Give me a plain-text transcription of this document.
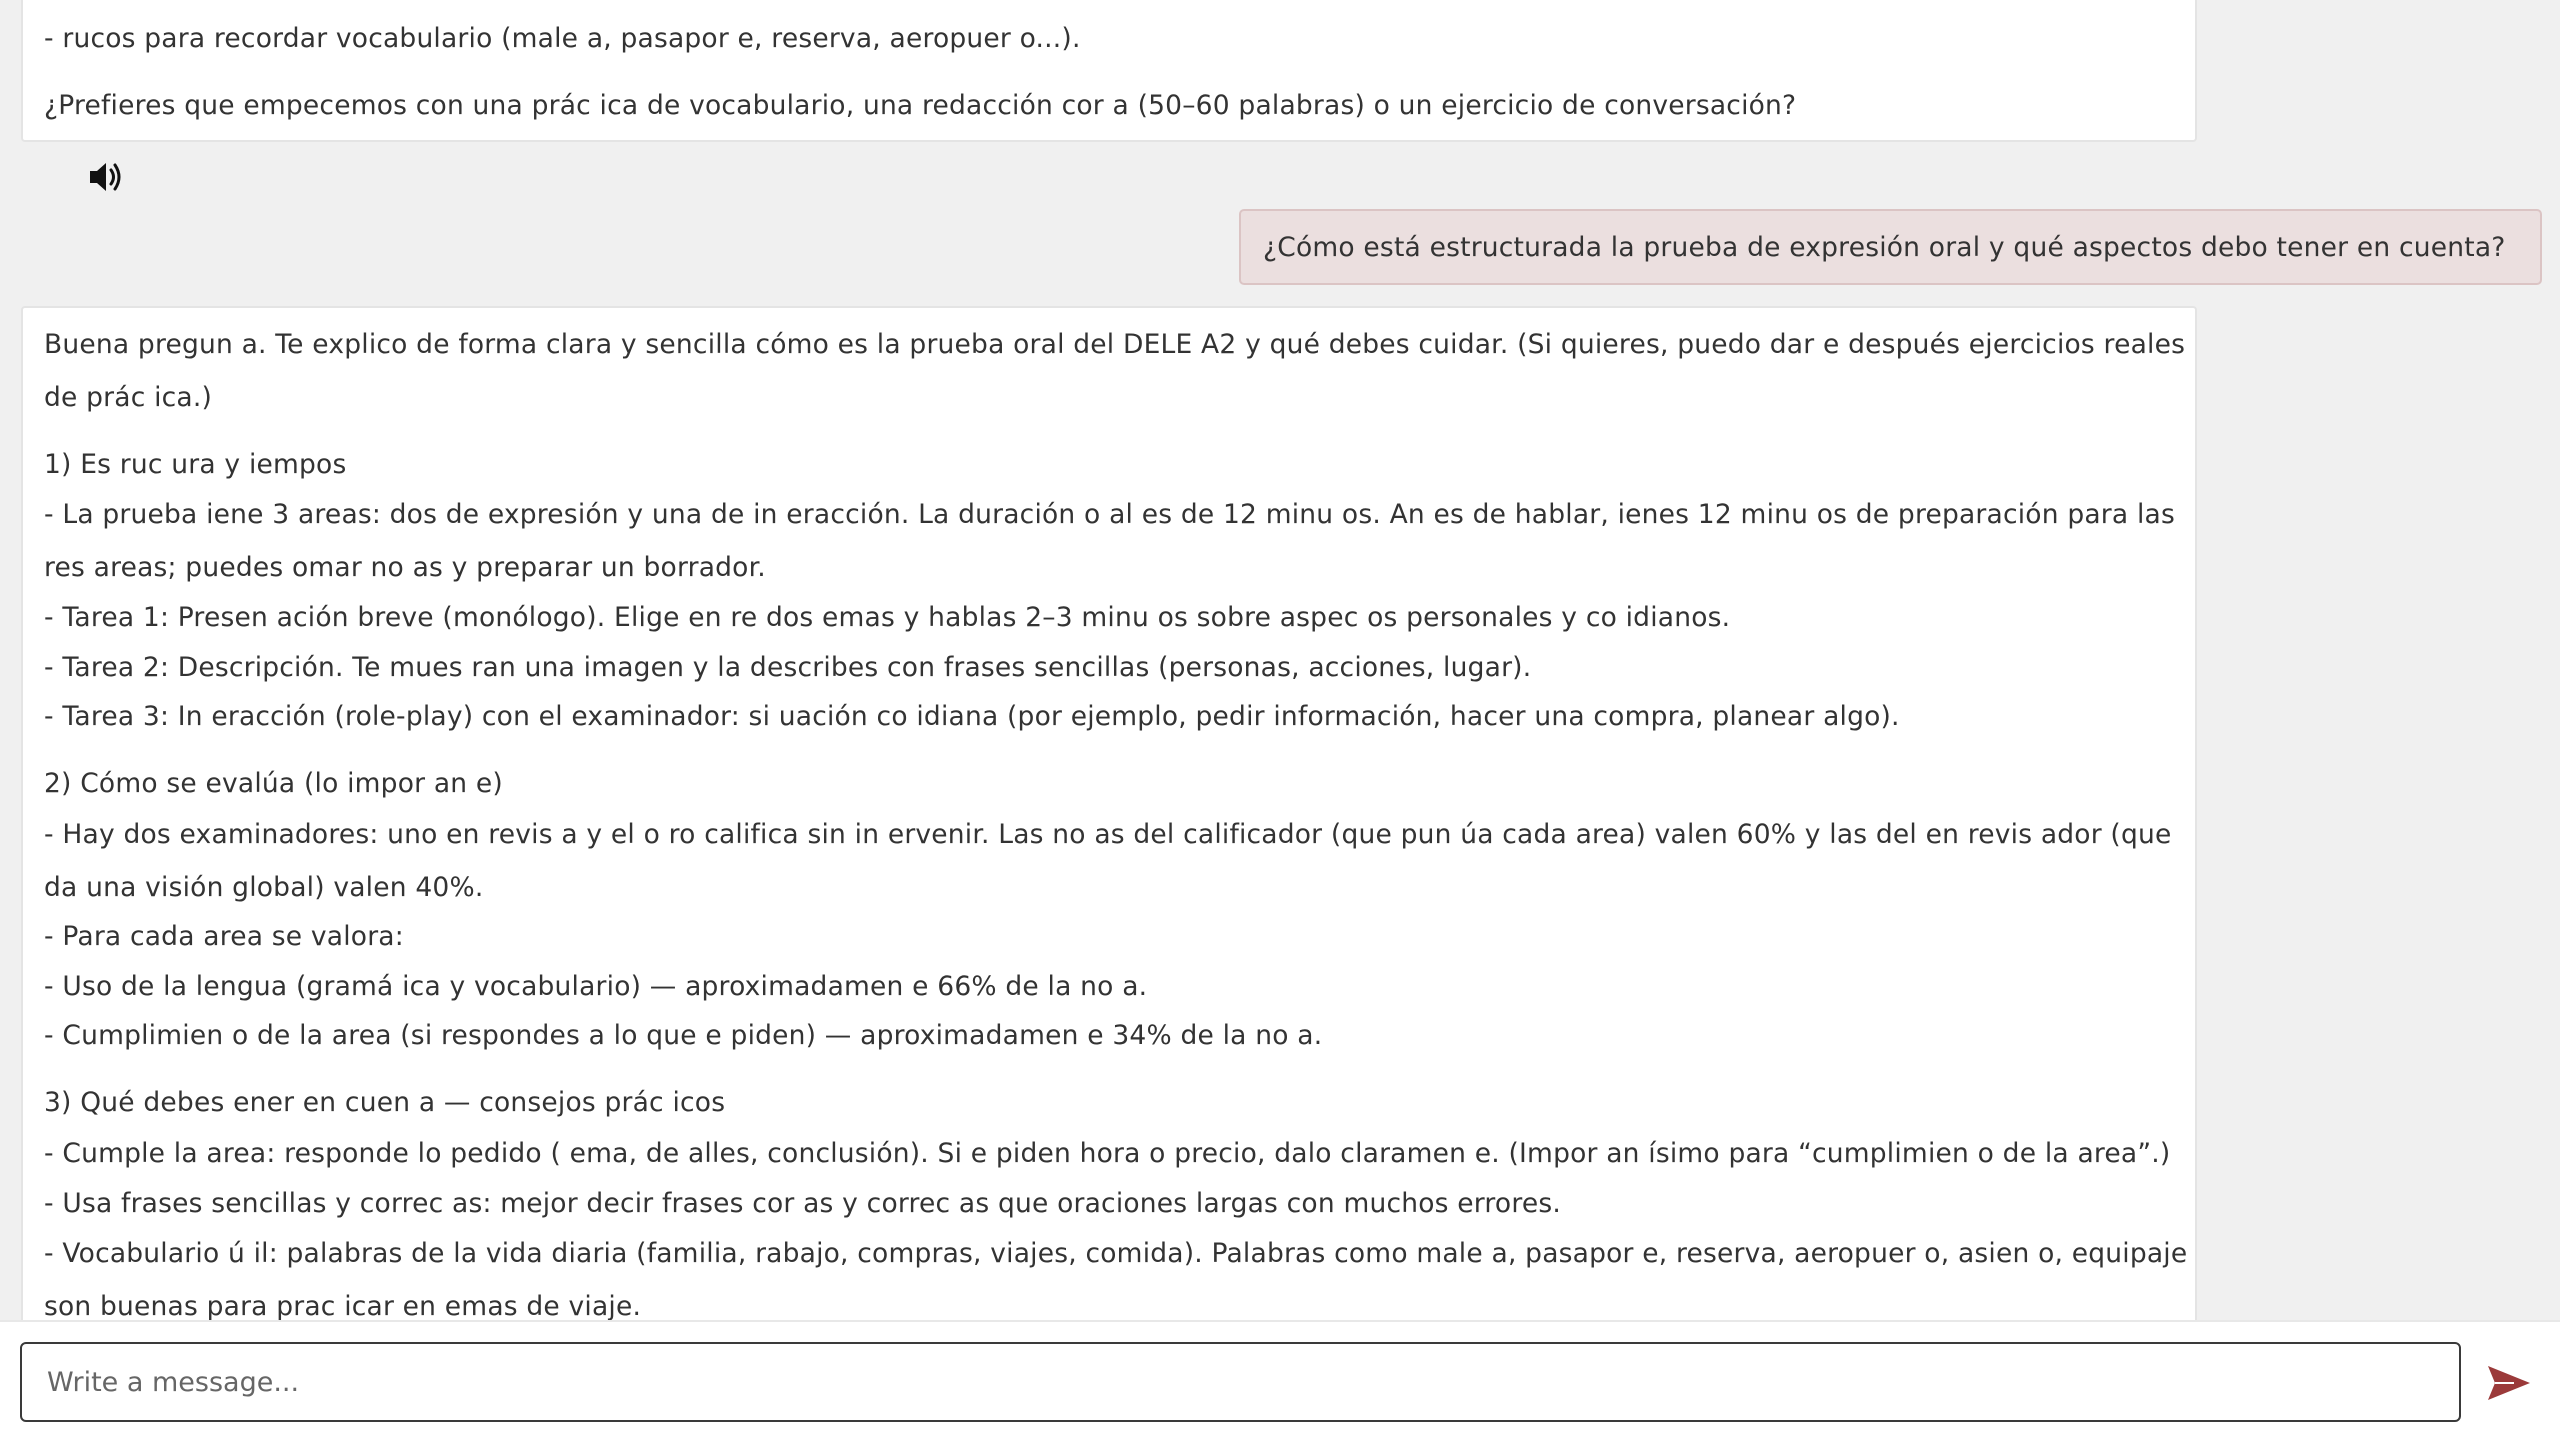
- rucos para recordar vocabulario (male a, pasapor e, reserva, aeropuer o...).
¿Prefieres que empecemos con una prác ica de vocabulario, una redacción cor a (50–60 palabras) o un ejercicio de conversación?
¿Cómo está estructurada la prueba de expresión oral y qué aspectos debo tener en cuenta?
Buena pregun a. Te explico de forma clara y sencilla cómo es la prueba oral del DELE A2 y qué debes cuidar. (Si quieres, puedo dar e después ejercicios reales
de prác ica.)
1) Es ruc ura y iempos
- La prueba iene 3 areas: dos de expresión y una de in eracción. La duración o al es de 12 minu os. An es de hablar, ienes 12 minu os de preparación para las
res areas; puedes omar no as y preparar un borrador.
- Tarea 1: Presen ación breve (monólogo). Elige en re dos emas y hablas 2–3 minu os sobre aspec os personales y co idianos.
- Tarea 2: Descripción. Te mues ran una imagen y la describes con frases sencillas (personas, acciones, lugar).
- Tarea 3: In eracción (role-play) con el examinador: si uación co idiana (por ejemplo, pedir información, hacer una compra, planear algo).
2) Cómo se evalúa (lo impor an e)
- Hay dos examinadores: uno en revis a y el o ro califica sin in ervenir. Las no as del calificador (que pun úa cada area) valen 60% y las del en revis ador (que
da una visión global) valen 40%.
- Para cada area se valora:
- Uso de la lengua (gramá ica y vocabulario) — aproximadamen e 66% de la no a.
- Cumplimien o de la area (si respondes a lo que e piden) — aproximadamen e 34% de la no a.
3) Qué debes ener en cuen a — consejos prác icos
- Cumple la area: responde lo pedido ( ema, de alles, conclusión). Si e piden hora o precio, dalo claramen e. (Impor an ísimo para “cumplimien o de la area”.)
- Usa frases sencillas y correc as: mejor decir frases cor as y correc as que oraciones largas con muchos errores.
- Vocabulario ú il: palabras de la vida diaria (familia, rabajo, compras, viajes, comida). Palabras como male a, pasapor e, reserva, aeropuer o, asien o, equipaje
son buenas para prac icar en emas de viaje.
Write a message...
